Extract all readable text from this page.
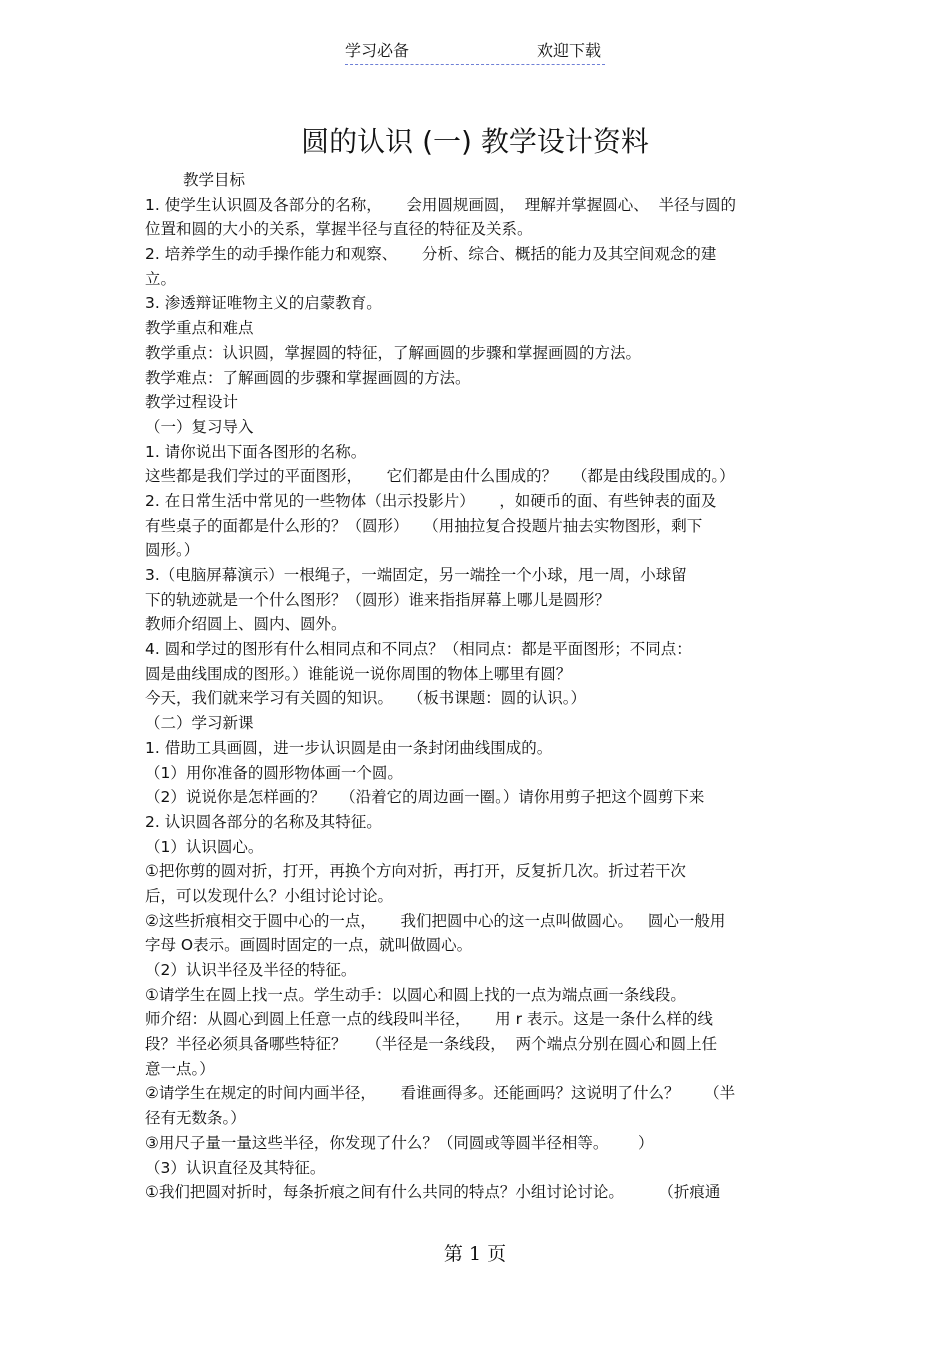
学习必备	欢迎下载
圆的认识 (一) 教学设计资料
教学目标
1. 使学生认识圆及各部分的名称，     会用圆规画圆，  理解并掌握圆心、  半径与圆的
位置和圆的大小的关系，掌握半径与直径的特征及关系。
2. 培养学生的动手操作能力和观察、     分析、综合、概括的能力及其空间观念的建
立。
3. 渗透辩证唯物主义的启蒙教育。
教学重点和难点
教学重点：认识圆，掌握圆的特征，了解画圆的步骤和掌握画圆的方法。
教学难点：了解画圆的步骤和掌握画圆的方法。
教学过程设计
（一）复习导入
1. 请你说出下面各图形的名称。
这些都是我们学过的平面图形，     它们都是由什么围成的？   （都是由线段围成的。）
2. 在日常生活中常见的一些物体（出示投影片）     ，如硬币的面、有些钟表的面及
有些桌子的面都是什么形的？（圆形）   （用抽拉复合投题片抽去实物图形，剩下
圆形。）
3.（电脑屏幕演示）一根绳子，一端固定，另一端拴一个小球，甩一周，小球留
下的轨迹就是一个什么图形？（圆形）谁来指指屏幕上哪儿是圆形？
教师介绍圆上、圆内、圆外。
4. 圆和学过的图形有什么相同点和不同点？（相同点：都是平面图形；不同点：
圆是曲线围成的图形。）谁能说一说你周围的物体上哪里有圆？
今天，我们就来学习有关圆的知识。   （板书课题：圆的认识。）
（二）学习新课
1. 借助工具画圆，进一步认识圆是由一条封闭曲线围成的。
（1）用你准备的圆形物体画一个圆。
（2）说说你是怎样画的？   （沿着它的周边画一圈。）请你用剪子把这个圆剪下来
2. 认识圆各部分的名称及其特征。
（1）认识圆心。
①把你剪的圆对折，打开，再换个方向对折，再打开，反复折几次。折过若干次
后，可以发现什么？小组讨论讨论。
②这些折痕相交于圆中心的一点，     我们把圆中心的这一点叫做圆心。   圆心一般用
字母 O表示。画圆时固定的一点，就叫做圆心。
（2）认识半径及半径的特征。
①请学生在圆上找一点。学生动手：以圆心和圆上找的一点为端点画一条线段。
师介绍：从圆心到圆上任意一点的线段叫半径，     用 r 表示。这是一条什么样的线
段？半径必须具备哪些特征？    （半径是一条线段，  两个端点分别在圆心和圆上任
意一点。）
②请学生在规定的时间内画半径，     看谁画得多。还能画吗？这说明了什么？     （半
径有无数条。）
③用尺子量一量这些半径，你发现了什么？（同圆或等圆半径相等。      ）
（3）认识直径及其特征。
①我们把圆对折时，每条折痕之间有什么共同的特点？小组讨论讨论。       （折痕通
第 1 页
